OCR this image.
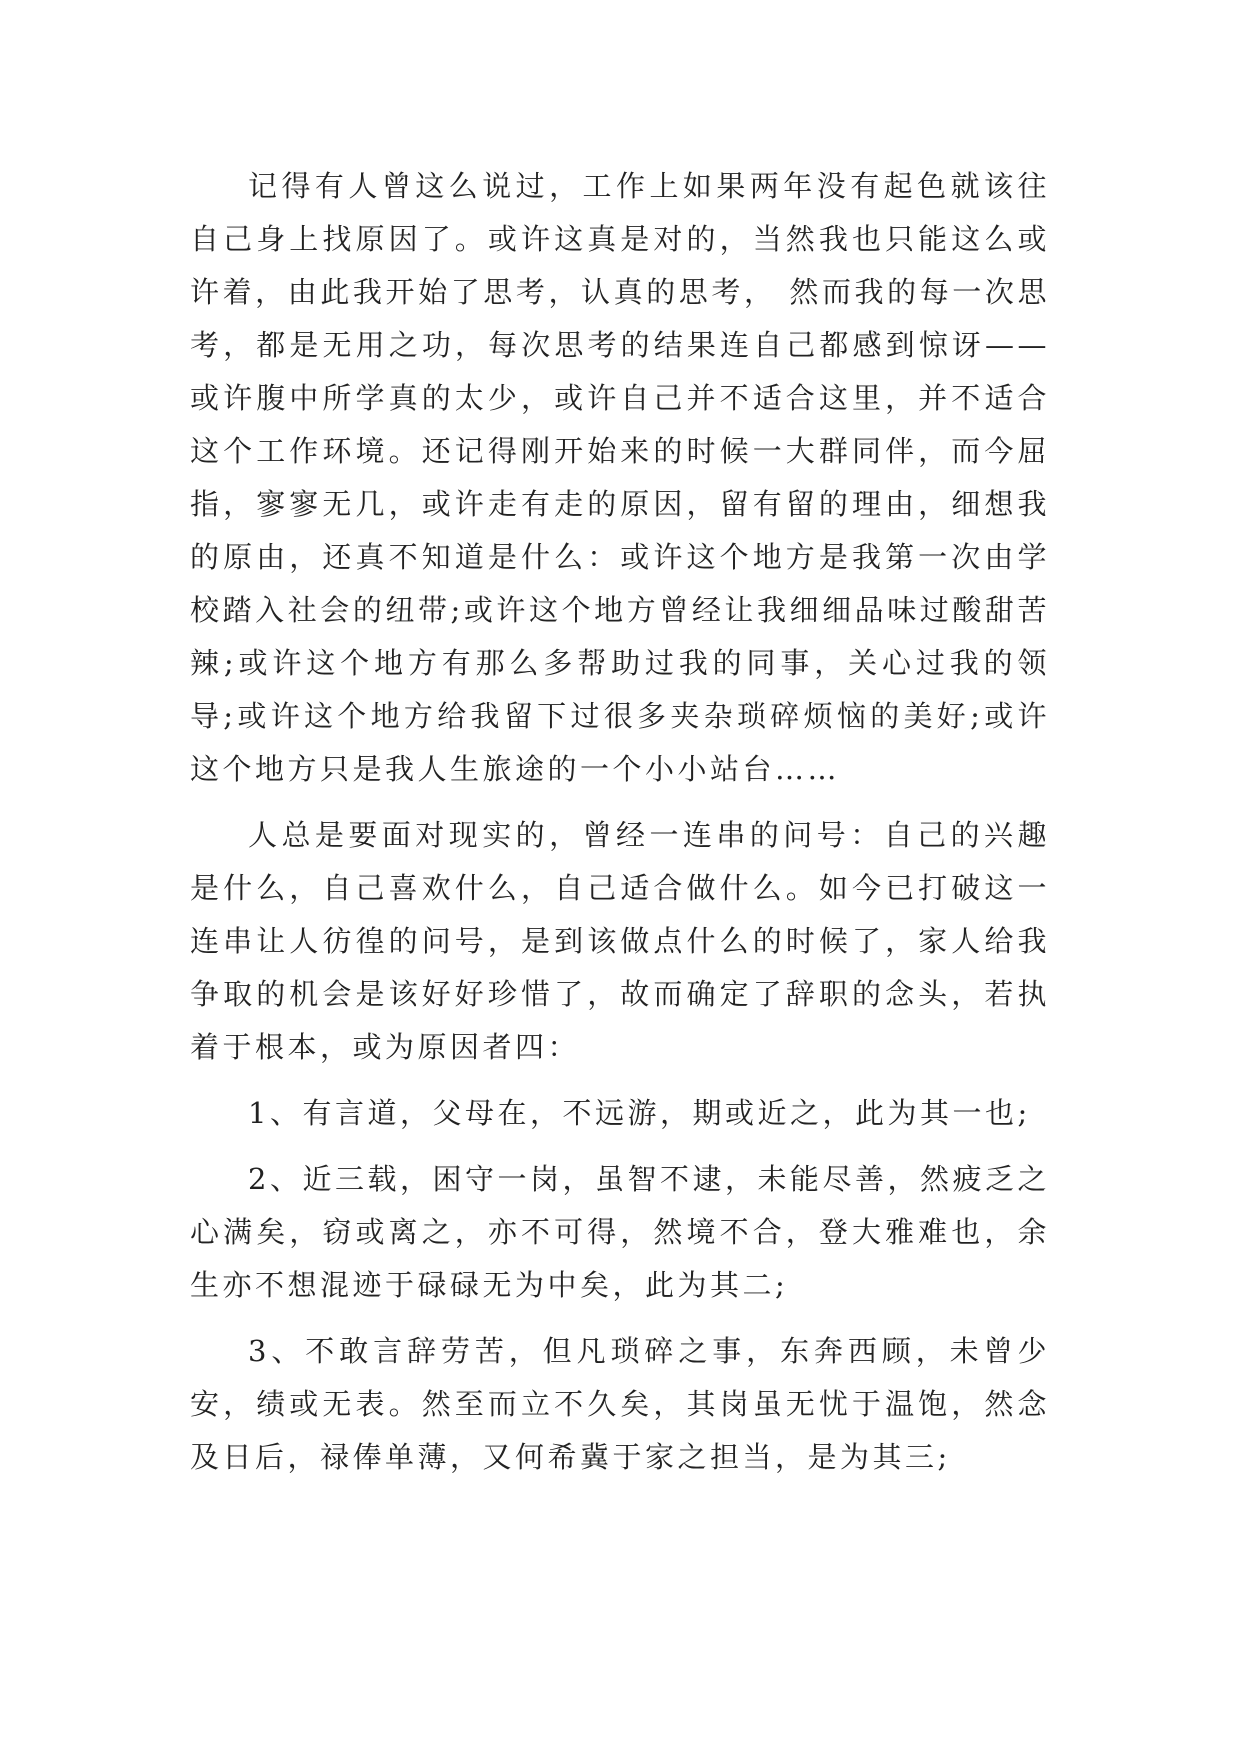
记得有人曾这么说过，工作上如果两年没有起色就该往自己身上找原因了。或许这真是对的，当然我也只能这么或许着，由此我开始了思考，认真的思考， 然而我的每一次思考，都是无用之功，每次思考的结果连自己都感到惊讶——或许腹中所学真的太少，或许自己并不适合这里，并不适合这个工作环境。还记得刚开始来的时候一大群同伴，而今屈指，寥寥无几，或许走有走的原因，留有留的理由，细想我的原由，还真不知道是什么：或许这个地方是我第一次由学校踏入社会的纽带;或许这个地方曾经让我细细品味过酸甜苦辣;或许这个地方有那么多帮助过我的同事，关心过我的领导;或许这个地方给我留下过很多夹杂琐碎烦恼的美好;或许这个地方只是我人生旅途的一个小小站台……

人总是要面对现实的，曾经一连串的问号：自己的兴趣是什么，自己喜欢什么，自己适合做什么。如今已打破这一连串让人彷徨的问号，是到该做点什么的时候了，家人给我争取的机会是该好好珍惜了，故而确定了辞职的念头，若执着于根本，或为原因者四：

1、有言道，父母在，不远游，期或近之，此为其一也;

2、近三载，困守一岗，虽智不逮，未能尽善，然疲乏之心满矣，窃或离之，亦不可得，然境不合，登大雅难也，余生亦不想混迹于碌碌无为中矣，此为其二;

3、不敢言辞劳苦，但凡琐碎之事，东奔西顾，未曾少安，绩或无表。然至而立不久矣，其岗虽无忧于温饱，然念及日后，禄俸单薄，又何希冀于家之担当，是为其三;
